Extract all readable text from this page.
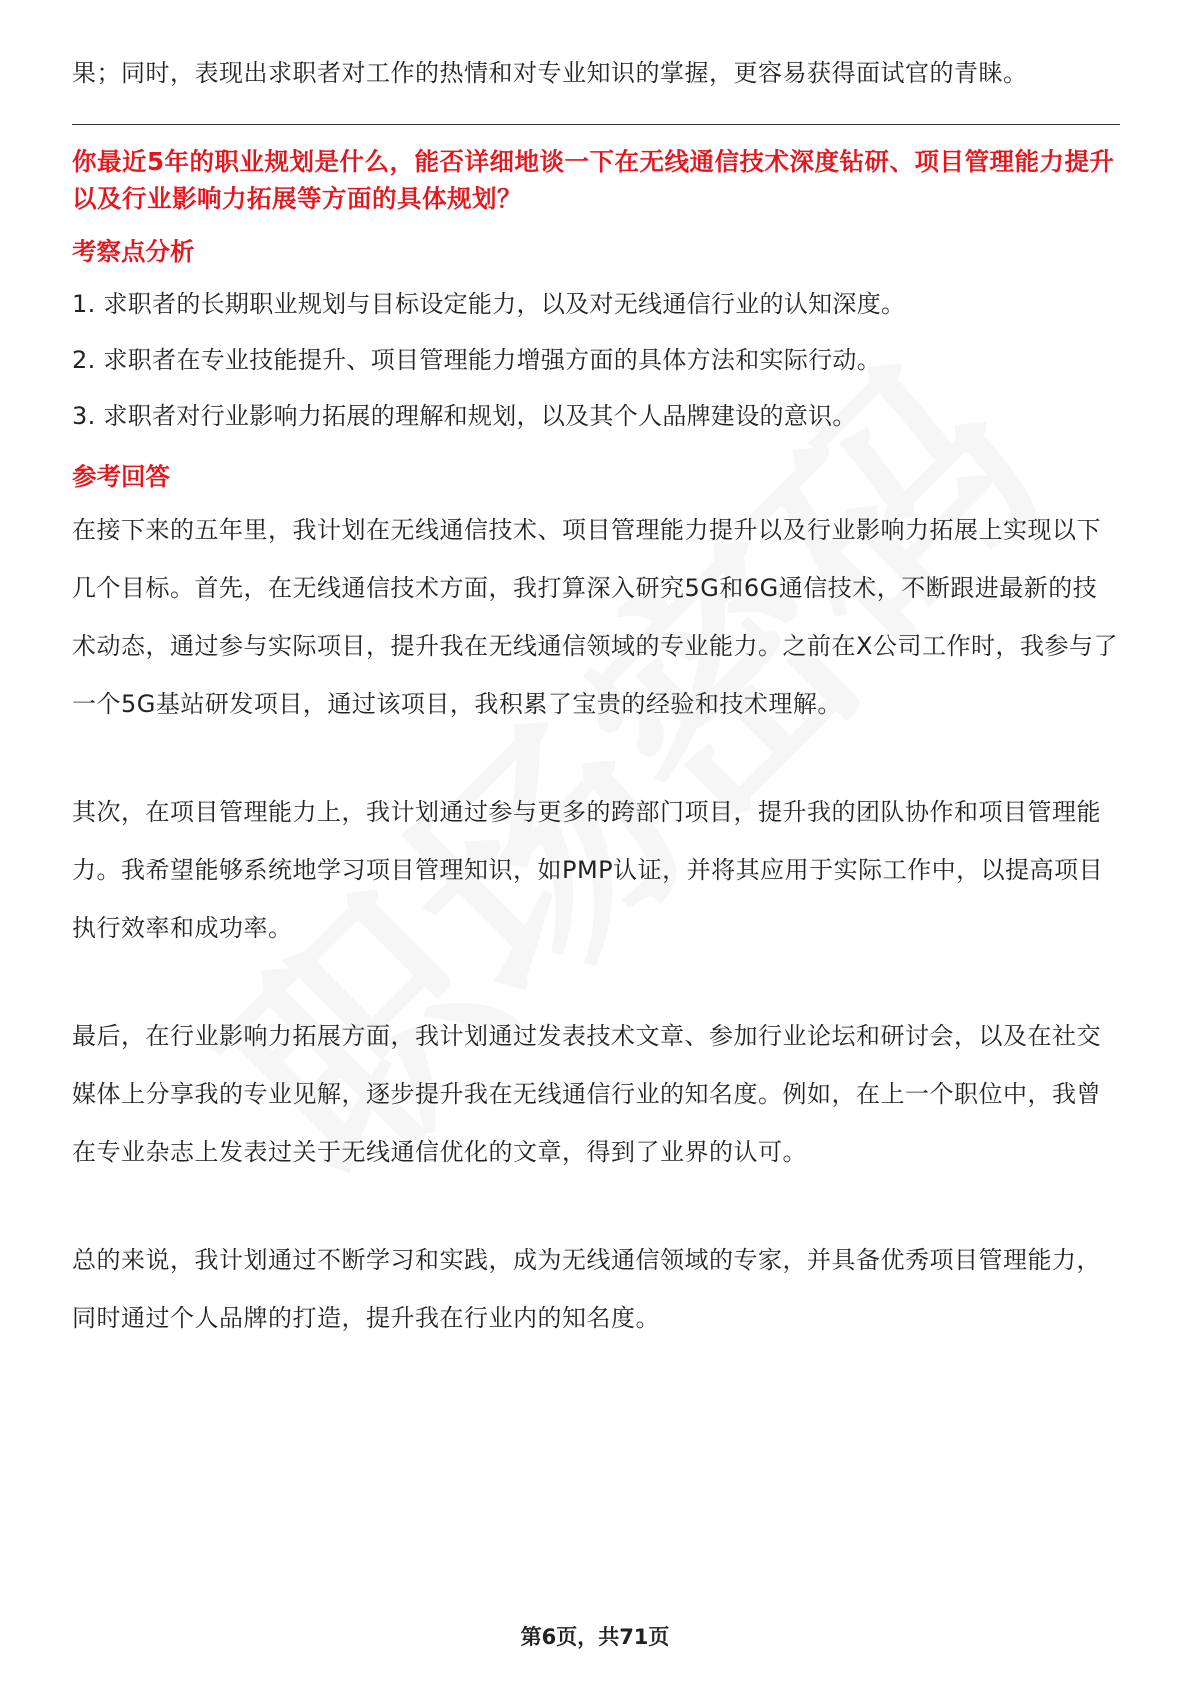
果；同时，表现出求职者对工作的热情和对专业知识的掌握，更容易获得面试官的青睐。

你最近5年的职业规划是什么，能否详细地谈一下在无线通信技术深度钻研、项目管理能力提升以及行业影响力拓展等方面的具体规划？

考察点分析

1. 求职者的长期职业规划与目标设定能力，以及对无线通信行业的认知深度。

2. 求职者在专业技能提升、项目管理能力增强方面的具体方法和实际行动。

3. 求职者对行业影响力拓展的理解和规划，以及其个人品牌建设的意识。

参考回答

在接下来的五年里，我计划在无线通信技术、项目管理能力提升以及行业影响力拓展上实现以下几个目标。首先，在无线通信技术方面，我打算深入研究5G和6G通信技术，不断跟进最新的技术动态，通过参与实际项目，提升我在无线通信领域的专业能力。之前在X公司工作时，我参与了一个5G基站研发项目，通过该项目，我积累了宝贵的经验和技术理解。

其次，在项目管理能力上，我计划通过参与更多的跨部门项目，提升我的团队协作和项目管理能力。我希望能够系统地学习项目管理知识，如PMP认证，并将其应用于实际工作中，以提高项目执行效率和成功率。

最后，在行业影响力拓展方面，我计划通过发表技术文章、参加行业论坛和研讨会，以及在社交媒体上分享我的专业见解，逐步提升我在无线通信行业的知名度。例如，在上一个职位中，我曾在专业杂志上发表过关于无线通信优化的文章，得到了业界的认可。

总的来说，我计划通过不断学习和实践，成为无线通信领域的专家，并具备优秀项目管理能力，同时通过个人品牌的打造，提升我在行业内的知名度。

第6页，共71页
